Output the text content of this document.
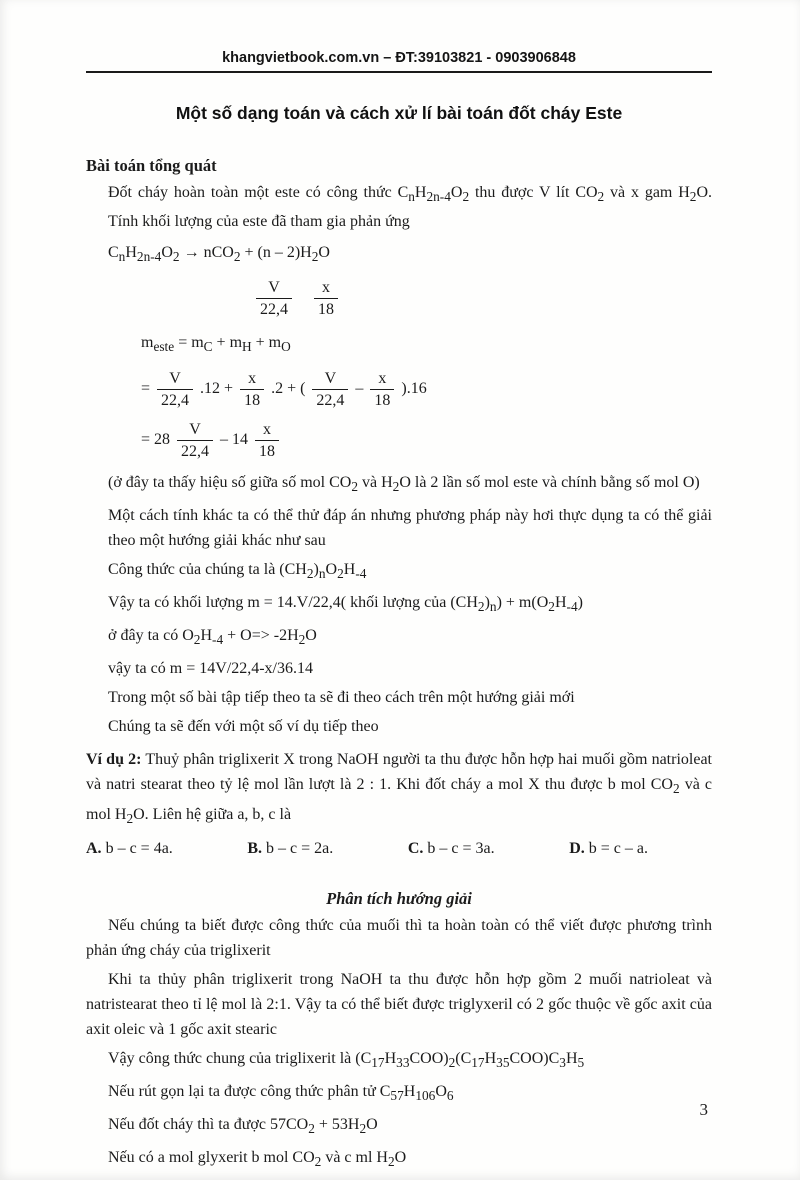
khangvietbook.com.vn – ĐT:39103821 - 0903906848
Một số dạng toán và cách xử lí bài toán đốt cháy Este
Bài toán tổng quát

Đốt cháy hoàn toàn một este có công thức $C_nH_{2n-4}O_2$ thu được V lít $CO_2$ và x gam $H_2O$. Tính khối lượng của este đã tham gia phản ứng

$C_nH_{2n-4}O_2 \to nCO_2 + (n - 2)H_2O$
$\frac{V}{22,4} \frac{x}{18}$
$m_{este} = m_C + m_H + m_O$
= $\frac{V}{22,4} .12 + \frac{x}{18} .2$ + ( $\frac{V}{22,4} - \frac{x}{18} ).16$
= $28 \frac{V}{22,4} - 14 \frac{x}{18}$

(ở đây ta thấy hiệu số giữa số mol $CO_2$ và $H_2O$ là 2 lần số mol este và chính bằng số mol O)

Một cách tính khác ta có thể thử đáp án nhưng phương pháp này hơi thực dụng ta có thể giải theo một hướng giải khác như sau

Công thức của chúng ta là $(CH_2)_nO_2H_{-4}$

Vậy ta có khối lượng m = 14.V/22,4( khối lượng của $(CH_2)_n) + m(O_2H_{-4})$

ở đây ta có $O_2H_{-4} + O=> -2H_2O$

vậy ta có m = 14V/22,4-x/36.14

Trong một số bài tập tiếp theo ta sẽ đi theo cách trên một hướng giải mới

Chúng ta sẽ đến với một số ví dụ tiếp theo

Ví dụ 2: Thuỷ phân triglixerit X trong NaOH người ta thu được hỗn hợp hai muối gồm natrioleat và natri stearat theo tỷ lệ mol lần lượt là 2 : 1. Khi đốt cháy a mol X thu được b mol $CO_2$ và c mol $H_2O$. Liên hệ giữa a, b, c là

A. b – c = 4a.	B. b – c = 2a.	C. b – c = 3a.	D. b = c – a.
Phân tích hướng giải

Nếu chúng ta biết được công thức của muối thì ta hoàn toàn có thể viết được phương trình phản ứng cháy của triglixerit

Khi ta thủy phân triglixerit trong NaOH ta thu được hỗn hợp gồm 2 muối natrioleat và natristearat theo tỉ lệ mol là 2:1. Vậy ta có thể biết được triglyxeril có 2 gốc thuộc về gốc axit của axit oleic và 1 gốc axit stearic

Vậy công thức chung của triglixerit là $(C_{17}H_{33}COO)_2(C_{17}H_{35}COO)C_3H_5$

Nếu rút gọn lại ta được công thức phân tử $C_{57}H_{106}O_6$

Nếu đốt cháy thì ta được $57CO_2 + 53H_2O$

Nếu có a mol glyxerit b mol $CO_2$ và c ml $H_2O$

3
